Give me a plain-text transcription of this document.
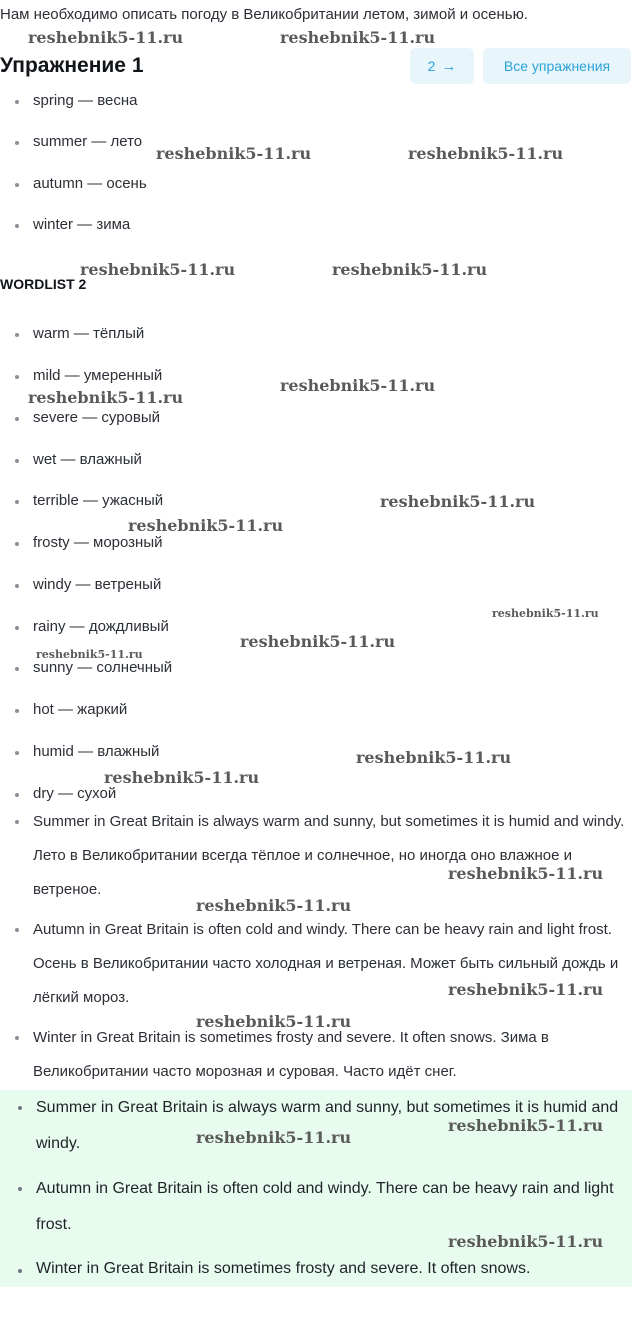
Нам необходимо описать погоду в Великобритании летом, зимой и осенью.
Упражнение 1	2 →	Все упражнения
spring — весна
summer — лето
autumn — осень
winter — зима
WORDLIST 2
warm — тёплый
mild — умеренный
severe — суровый
wet — влажный
terrible — ужасный
frosty — морозный
windy — ветреный
rainy — дождливый
sunny — солнечный
hot — жаркий
humid — влажный
dry — сухой
Summer in Great Britain is always warm and sunny, but sometimes it is humid and windy. Лето в Великобритании всегда тёплое и солнечное, но иногда оно влажное и ветреное.
Autumn in Great Britain is often cold and windy. There can be heavy rain and light frost. Осень в Великобритании часто холодная и ветреная. Может быть сильный дождь и лёгкий мороз.
Winter in Great Britain is sometimes frosty and severe. It often snows. Зима в Великобритании часто морозная и суровая. Часто идёт снег.
Summer in Great Britain is always warm and sunny, but sometimes it is humid and windy.
Autumn in Great Britain is often cold and windy. There can be heavy rain and light frost.
Winter in Great Britain is sometimes frosty and severe. It often snows.
reshebnik5-11.ru	reshebnik5-11.ru
reshebnik5-11.ru	reshebnik5-11.ru
reshebnik5-11.ru	reshebnik5-11.ru
reshebnik5-11.ru
reshebnik5-11.ru
reshebnik5-11.ru
reshebnik5-11.ru
reshebnik5-11.ru
reshebnik5-11.ru
reshebnik5-11.ru
reshebnik5-11.ru
reshebnik5-11.ru
reshebnik5-11.ru
reshebnik5-11.ru
reshebnik5-11.ru
reshebnik5-11.ru
reshebnik5-11.ru
reshebnik5-11.ru
reshebnik5-11.ru
